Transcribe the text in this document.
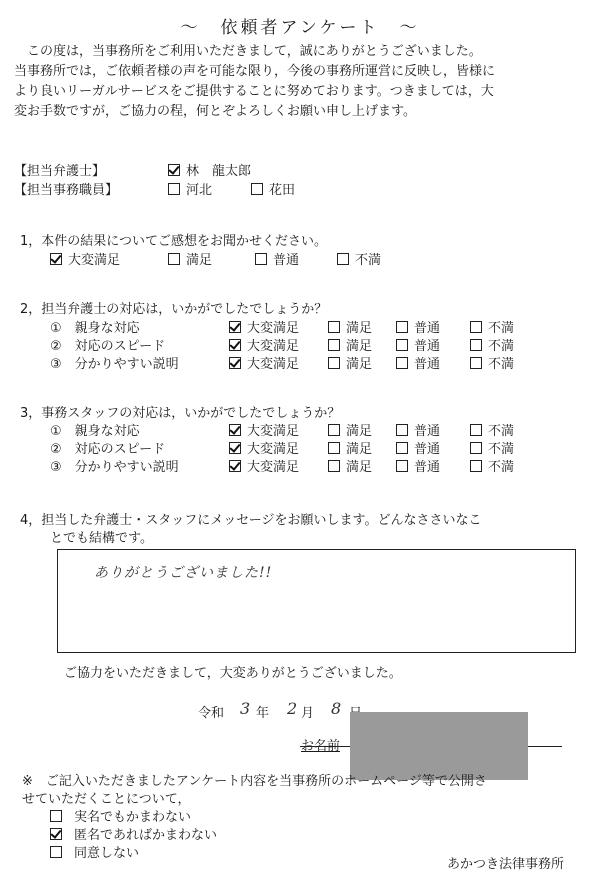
～　依頼者アンケート　～
　この度は，当事務所をご利用いただきまして，誠にありがとうございました。
当事務所では，ご依頼者様の声を可能な限り，今後の事務所運営に反映し，皆様に
より良いリーガルサービスをご提供することに努めております。つきましては，大
変お手数ですが，ご協力の程，何とぞよろしくお願い申し上げます。
【担当弁護士】	林　龍太郎
【担当事務職員】	河北	花田
1，本件の結果についてご感想をお聞かせください。
大変満足	満足	普通	不満
2，担当弁護士の対応は，いかがでしたでしょうか？
①　親身な対応	大変満足	満足	普通	不満
②　対応のスピード	大変満足	満足	普通	不満
③　分かりやすい説明	大変満足	満足	普通	不満
3，事務スタッフの対応は，いかがでしたでしょうか？
①　親身な対応	大変満足	満足	普通	不満
②　対応のスピード	大変満足	満足	普通	不満
③　分かりやすい説明	大変満足	満足	普通	不満
4，担当した弁護士・スタッフにメッセージをお願いします。どんなささいなこ
とでも結構です。
ありがとうございました!!
ご協力をいただきまして，大変ありがとうございました。
令和 3 年 2 月 8
お名前
※　ご記入いただきましたアンケート内容を当事務所のホームページ等で公開さ
せていただくことについて，
実名でもかまわない
匿名であればかまわない
同意しない
あかつき法律事務所
